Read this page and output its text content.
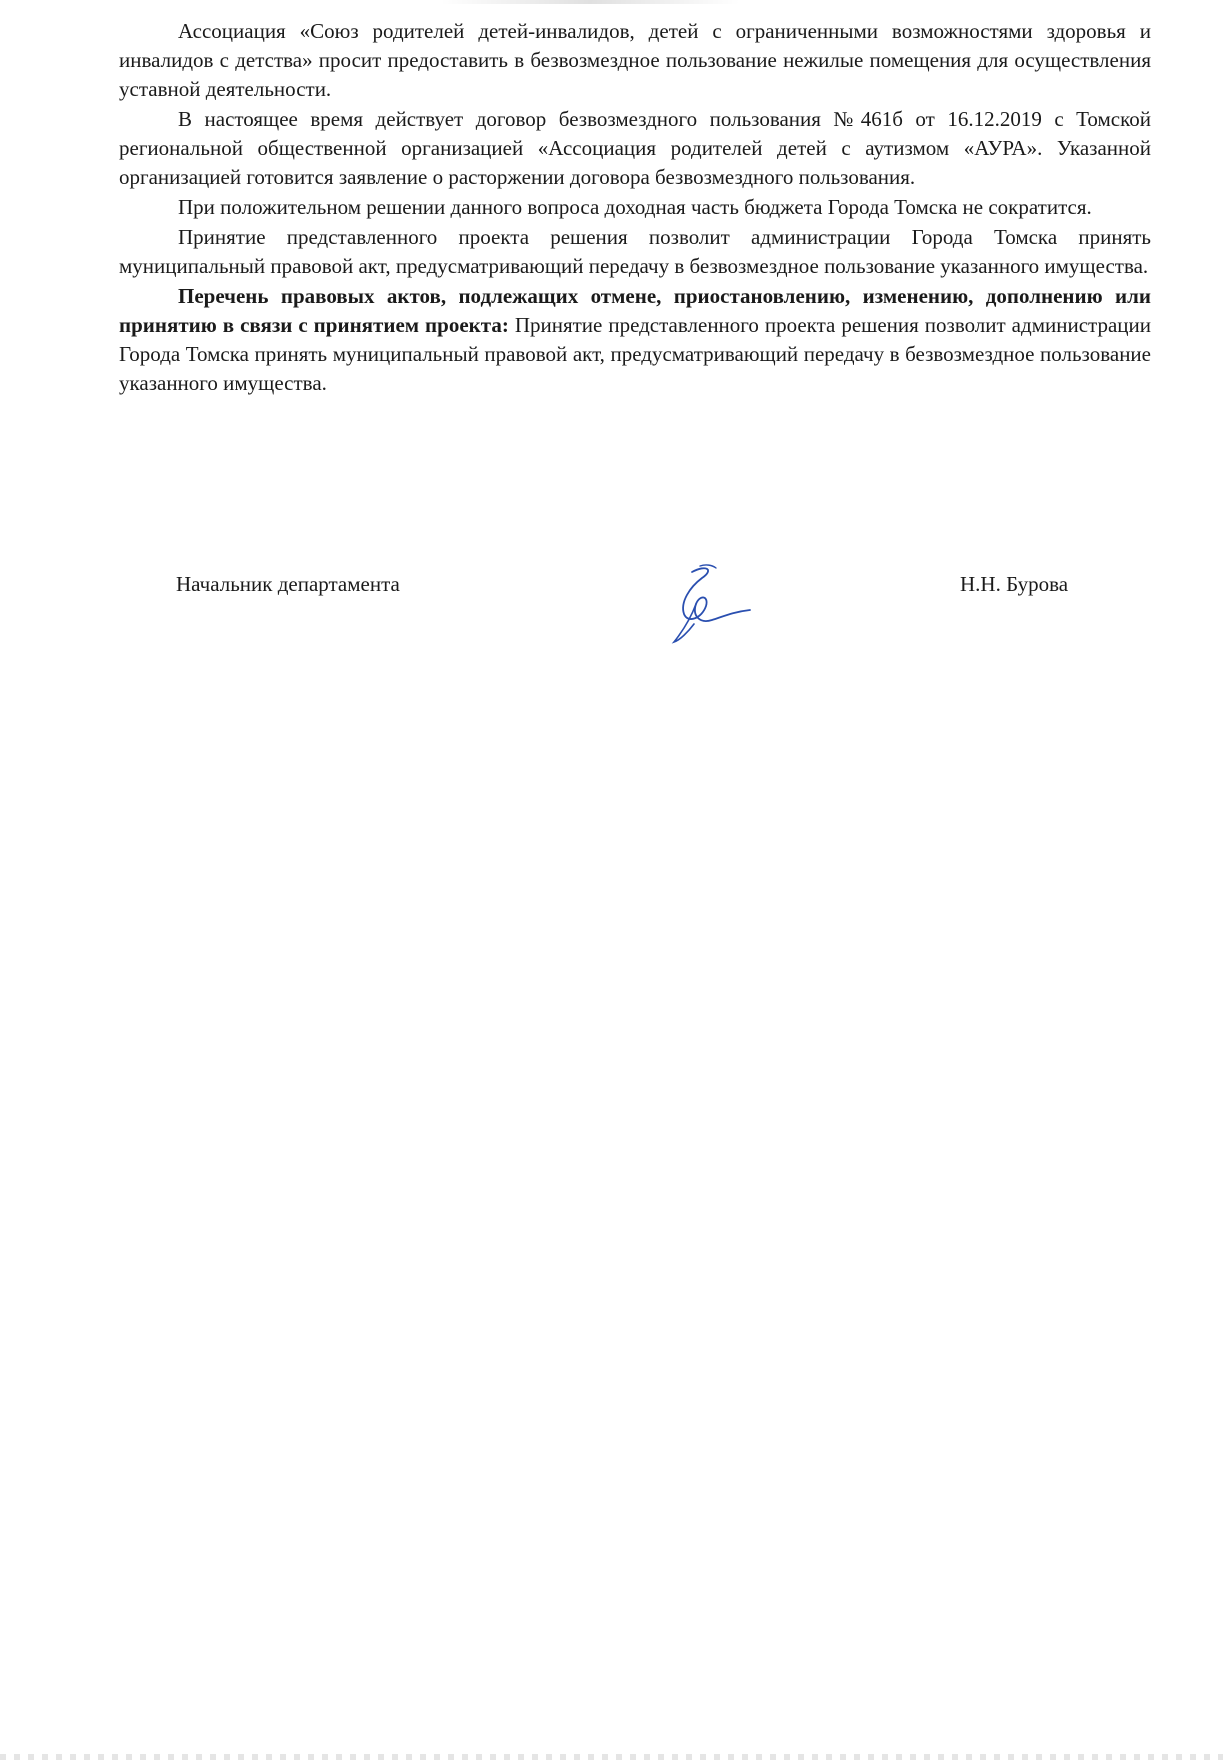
Ассоциация «Союз родителей детей-инвалидов, детей с ограниченными возможностями здоровья и инвалидов с детства» просит предоставить в безвозмездное пользование нежилые помещения для осуществления уставной деятельности.

В настоящее время действует договор безвозмездного пользования №461б от 16.12.2019 с Томской региональной общественной организацией «Ассоциация родителей детей с аутизмом «АУРА». Указанной организацией готовится заявление о расторжении договора безвозмездного пользования.

При положительном решении данного вопроса доходная часть бюджета Города Томска не сократится.

Принятие представленного проекта решения позволит администрации Города Томска принять муниципальный правовой акт, предусматривающий передачу в безвозмездное пользование указанного имущества.

Перечень правовых актов, подлежащих отмене, приостановлению, изменению, дополнению или принятию в связи с принятием проекта: Принятие представленного проекта решения позволит администрации Города Томска принять муниципальный правовой акт, предусматривающий передачу в безвозмездное пользование указанного имущества.

Начальник департамента	Н.Н. Бурова
